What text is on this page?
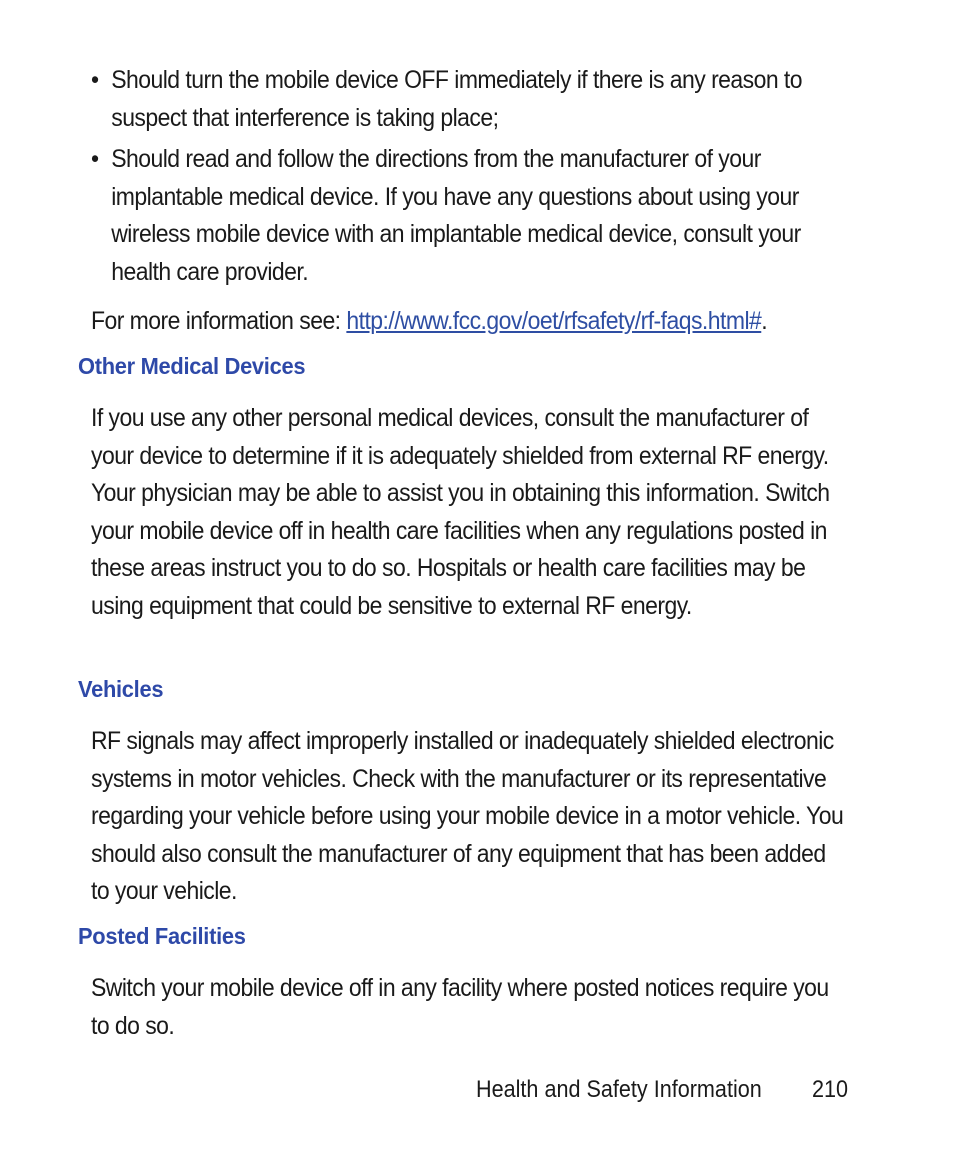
• Should turn the mobile device OFF immediately if there is any reason to suspect that interference is taking place;
• Should read and follow the directions from the manufacturer of your implantable medical device. If you have any questions about using your wireless mobile device with an implantable medical device, consult your health care provider.
For more information see: http://www.fcc.gov/oet/rfsafety/rf-faqs.html#.
Other Medical Devices

If you use any other personal medical devices, consult the manufacturer of your device to determine if it is adequately shielded from external RF energy. Your physician may be able to assist you in obtaining this information. Switch your mobile device off in health care facilities when any regulations posted in these areas instruct you to do so. Hospitals or health care facilities may be using equipment that could be sensitive to external RF energy.

Vehicles

RF signals may affect improperly installed or inadequately shielded electronic systems in motor vehicles. Check with the manufacturer or its representative regarding your vehicle before using your mobile device in a motor vehicle. You should also consult the manufacturer of any equipment that has been added to your vehicle.

Posted Facilities

Switch your mobile device off in any facility where posted notices require you to do so.

Health and Safety Information 210
